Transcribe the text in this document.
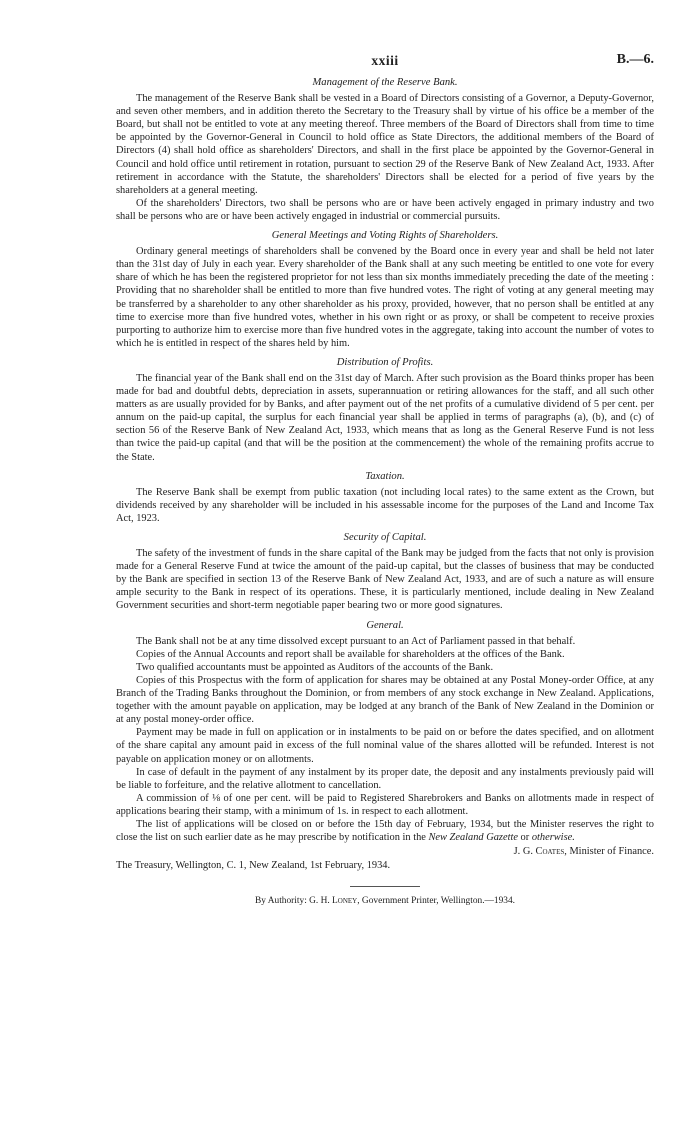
xxiii	B.—6.
Management of the Reserve Bank.

The management of the Reserve Bank shall be vested in a Board of Directors consisting of a Governor, a Deputy-Governor, and seven other members, and in addition thereto the Secretary to the Treasury shall by virtue of his office be a member of the Board, but shall not be entitled to vote at any meeting thereof. Three members of the Board of Directors shall from time to time be appointed by the Governor-General in Council to hold office as State Directors, the additional members of the Board of Directors (4) shall hold office as shareholders' Directors, and shall in the first place be appointed by the Governor-General in Council and hold office until retirement in rotation, pursuant to section 29 of the Reserve Bank of New Zealand Act, 1933. After retirement in accordance with the Statute, the shareholders' Directors shall be elected for a period of five years by the shareholders at a general meeting.

Of the shareholders' Directors, two shall be persons who are or have been actively engaged in primary industry and two shall be persons who are or have been actively engaged in industrial or commercial pursuits.

General Meetings and Voting Rights of Shareholders.

Ordinary general meetings of shareholders shall be convened by the Board once in every year and shall be held not later than the 31st day of July in each year. Every shareholder of the Bank shall at any such meeting be entitled to one vote for every share of which he has been the registered proprietor for not less than six months immediately preceding the date of the meeting : Providing that no shareholder shall be entitled to more than five hundred votes. The right of voting at any general meeting may be transferred by a shareholder to any other shareholder as his proxy, provided, however, that no person shall be entitled at any time to exercise more than five hundred votes, whether in his own right or as proxy, or shall be competent to receive proxies purporting to authorize him to exercise more than five hundred votes in the aggregate, taking into account the number of votes to which he is entitled in respect of the shares held by him.

Distribution of Profits.

The financial year of the Bank shall end on the 31st day of March. After such provision as the Board thinks proper has been made for bad and doubtful debts, depreciation in assets, superannuation or retiring allowances for the staff, and all such other matters as are usually provided for by Banks, and after payment out of the net profits of a cumulative dividend of 5 per cent. per annum on the paid-up capital, the surplus for each financial year shall be applied in terms of paragraphs (a), (b), and (c) of section 56 of the Reserve Bank of New Zealand Act, 1933, which means that as long as the General Reserve Fund is not less than twice the paid-up capital (and that will be the position at the commencement) the whole of the remaining profits accrue to the State.

Taxation.

The Reserve Bank shall be exempt from public taxation (not including local rates) to the same extent as the Crown, but dividends received by any shareholder will be included in his assessable income for the purposes of the Land and Income Tax Act, 1923.

Security of Capital.

The safety of the investment of funds in the share capital of the Bank may be judged from the facts that not only is provision made for a General Reserve Fund at twice the amount of the paid-up capital, but the classes of business that may be conducted by the Bank are specified in section 13 of the Reserve Bank of New Zealand Act, 1933, and are of such a nature as will ensure ample security to the Bank in respect of its operations. These, it is particularly mentioned, include dealing in New Zealand Government securities and short-term negotiable paper bearing two or more good signatures.

General.

The Bank shall not be at any time dissolved except pursuant to an Act of Parliament passed in that behalf.

Copies of the Annual Accounts and report shall be available for shareholders at the offices of the Bank.

Two qualified accountants must be appointed as Auditors of the accounts of the Bank.

Copies of this Prospectus with the form of application for shares may be obtained at any Postal Money-order Office, at any Branch of the Trading Banks throughout the Dominion, or from members of any stock exchange in New Zealand. Applications, together with the amount payable on application, may be lodged at any branch of the Bank of New Zealand in the Dominion or at any postal money-order office.

Payment may be made in full on application or in instalments to be paid on or before the dates specified, and on allotment of the share capital any amount paid in excess of the full nominal value of the shares allotted will be refunded. Interest is not payable on application money or on allotments.

In case of default in the payment of any instalment by its proper date, the deposit and any instalments previously paid will be liable to forfeiture, and the relative allotment to cancellation.

A commission of ⅛ of one per cent. will be paid to Registered Sharebrokers and Banks on allotments made in respect of applications bearing their stamp, with a minimum of 1s. in respect to each allotment.

The list of applications will be closed on or before the 15th day of February, 1934, but the Minister reserves the right to close the list on such earlier date as he may prescribe by notification in the New Zealand Gazette or otherwise.

J. G. Coates, Minister of Finance.

The Treasury, Wellington, C. 1, New Zealand, 1st February, 1934.

By Authority: G. H. Loney, Government Printer, Wellington.—1934.
